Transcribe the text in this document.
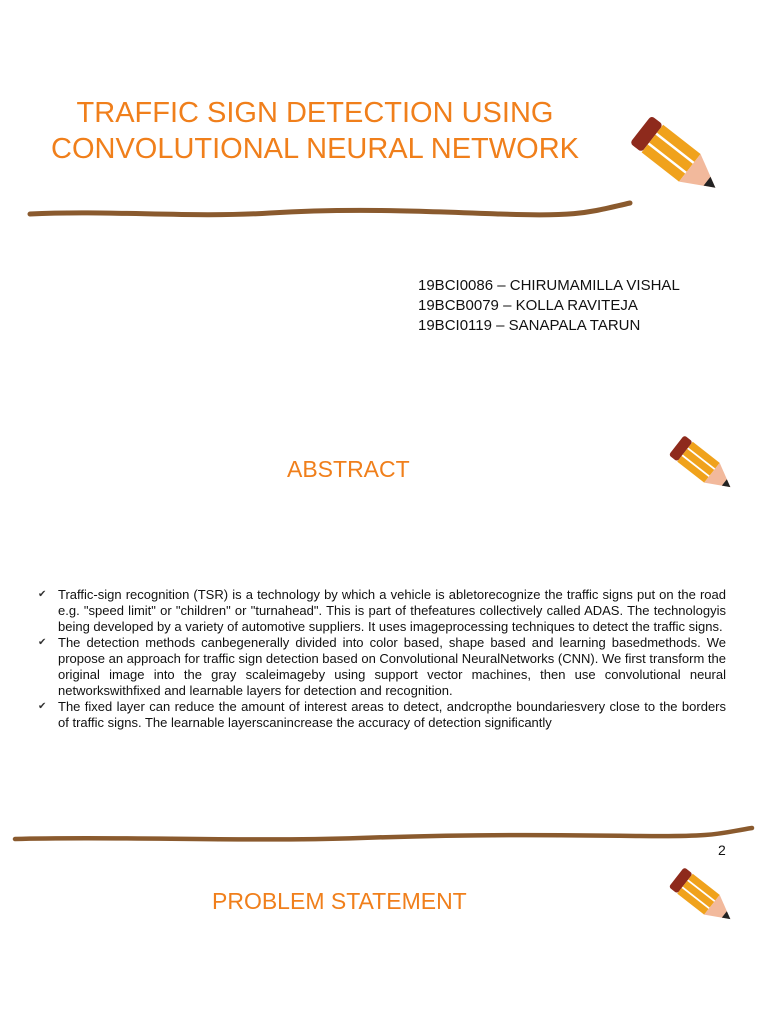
TRAFFIC SIGN DETECTION USING CONVOLUTIONAL NEURAL NETWORK
19BCI0086 – CHIRUMAMILLA VISHAL
19BCB0079 – KOLLA RAVITEJA
19BCI0119 – SANAPALA TARUN
ABSTRACT
✔ Traffic-sign recognition (TSR) is a technology by which a vehicle is abletorecognize the traffic signs put on the road e.g. "speed limit" or "children" or "turnahead". This is part of thefeatures collectively called ADAS. The technologyis being developed by a variety of automotive suppliers. It uses imageprocessing techniques to detect the traffic signs.
✔ The detection methods canbegenerally divided into color based, shape based and learning basedmethods. We propose an approach for traffic sign detection based on Convolutional NeuralNetworks (CNN). We first transform the original image into the gray scaleimageby using support vector machines, then use convolutional neural networkswithfixed and learnable layers for detection and recognition.
✔ The fixed layer can reduce the amount of interest areas to detect, andcropthe boundariesvery close to the borders of traffic signs. The learnable layerscanincrease the accuracy of detection significantly
2
PROBLEM STATEMENT
